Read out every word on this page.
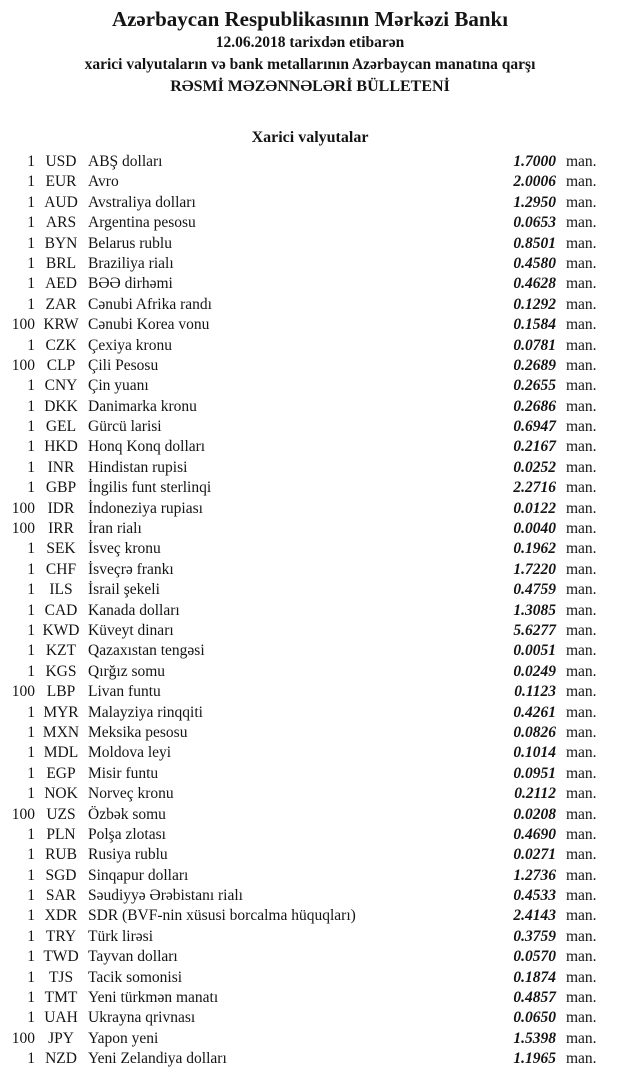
Azərbaycan Respublikasının Mərkəzi Bankı
12.06.2018 tarixdən etibarən
xarici valyutaların və bank metallarının Azərbaycan manatına qarşı
RƏSMİ MƏZƏNNƏLƏRİ BÜLLETENİ
Xarici valyutalar
1 USD ABŞ dolları	1.7000 man.
1 EUR Avro	2.0006 man.
1 AUD Avstraliya dolları	1.2950 man.
1 ARS Argentina pesosu	0.0653 man.
1 BYN Belarus rublu	0.8501 man.
1 BRL Braziliya rialı	0.4580 man.
1 AED BƏƏ dirhəmi	0.4628 man.
1 ZAR Cənubi Afrika randı	0.1292 man.
100 KRW Cənubi Korea vonu	0.1584 man.
1 CZK Çexiya kronu	0.0781 man.
100 CLP Çili Pesosu	0.2689 man.
1 CNY Çin yuanı	0.2655 man.
1 DKK Danimarka kronu	0.2686 man.
1 GEL Gürcü larisi	0.6947 man.
1 HKD Honq Konq dolları	0.2167 man.
1 INR Hindistan rupisi	0.0252 man.
1 GBP İngilis funt sterlinqi	2.2716 man.
100 IDR İndoneziya rupiası	0.0122 man.
100 IRR İran rialı	0.0040 man.
1 SEK İsveç kronu	0.1962 man.
1 CHF İsveçrə frankı	1.7220 man.
1 ILS İsrail şekeli	0.4759 man.
1 CAD Kanada dolları	1.3085 man.
1 KWD Küveyt dinarı	5.6277 man.
1 KZT Qazaxıstan tengəsi	0.0051 man.
1 KGS Qırğız somu	0.0249 man.
100 LBP Livan funtu	0.1123 man.
1 MYR Malayziya rinqqiti	0.4261 man.
1 MXN Meksika pesosu	0.0826 man.
1 MDL Moldova leyi	0.1014 man.
1 EGP Misir funtu	0.0951 man.
1 NOK Norveç kronu	0.2112 man.
100 UZS Özbək somu	0.0208 man.
1 PLN Polşa zlotası	0.4690 man.
1 RUB Rusiya rublu	0.0271 man.
1 SGD Sinqapur dolları	1.2736 man.
1 SAR Səudiyyə Ərəbistanı rialı	0.4533 man.
1 XDR SDR (BVF-nin xüsusi borcalma hüquqları)	2.4143 man.
1 TRY Türk lirəsi	0.3759 man.
1 TWD Tayvan dolları	0.0570 man.
1 TJS Tacik somonisi	0.1874 man.
1 TMT Yeni türkmən manatı	0.4857 man.
1 UAH Ukrayna qrivnası	0.0650 man.
100 JPY Yapon yeni	1.5398 man.
1 NZD Yeni Zelandiya dolları	1.1965 man.
